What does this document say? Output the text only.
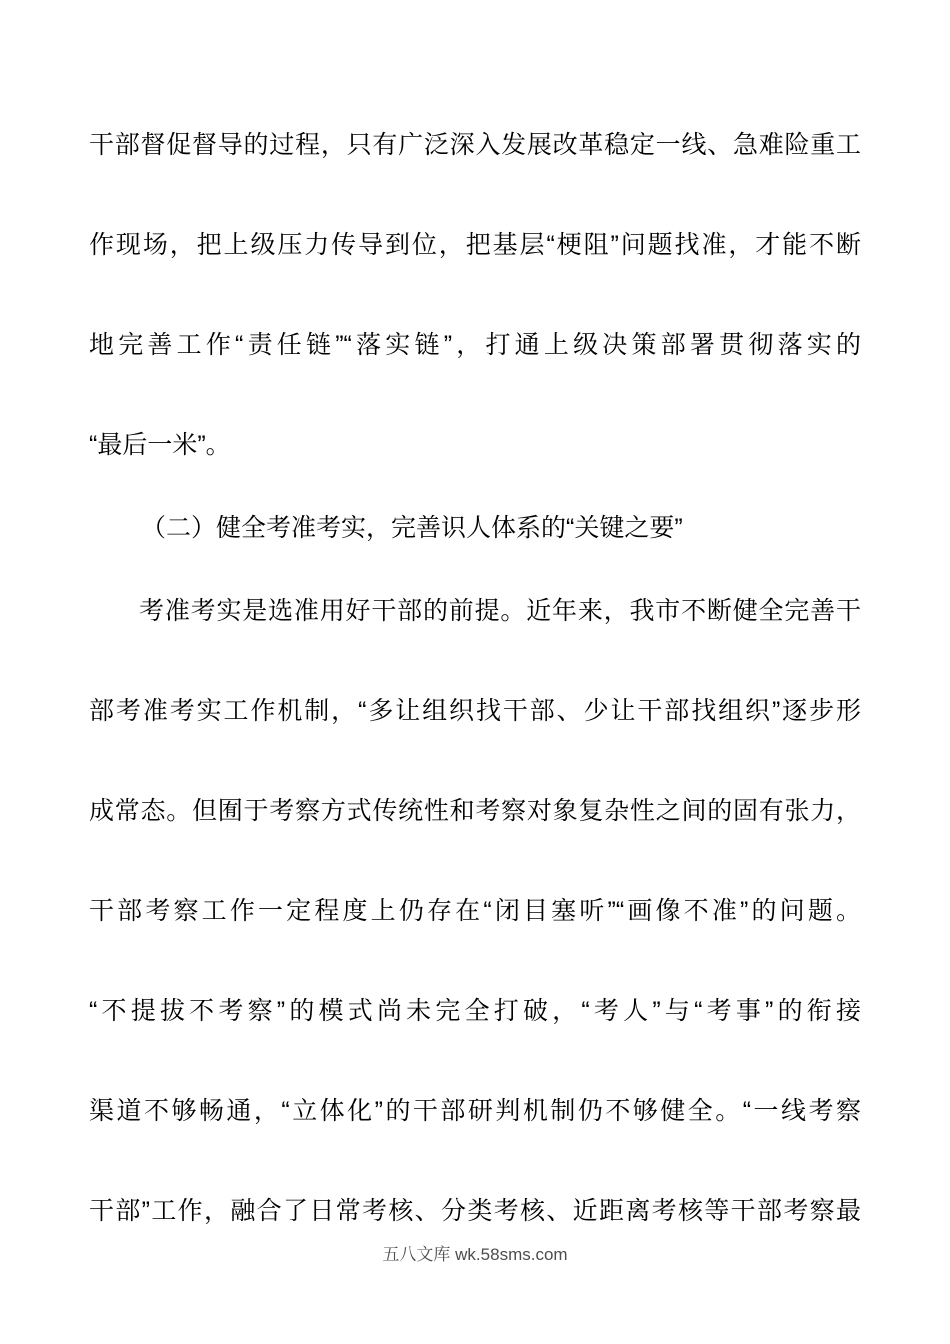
干部督促督导的过程，只有广泛深入发展改革稳定一线、急难险重工
作现场，把上级压力传导到位，把基层“梗阻”问题找准，才能不断
地完善工作“责任链”“落实链”，打通上级决策部署贯彻落实的
“最后一米”。
（二）健全考准考实，完善识人体系的“关键之要”
考准考实是选准用好干部的前提。近年来，我市不断健全完善干
部考准考实工作机制，“多让组织找干部、少让干部找组织”逐步形
成常态。但囿于考察方式传统性和考察对象复杂性之间的固有张力，
干部考察工作一定程度上仍存在“闭目塞听”“画像不准”的问题。
“不提拔不考察”的模式尚未完全打破，“考人”与“考事”的衔接
渠道不够畅通，“立体化”的干部研判机制仍不够健全。“一线考察
干部”工作，融合了日常考核、分类考核、近距离考核等干部考察最
五八文库 wk.58sms.com
